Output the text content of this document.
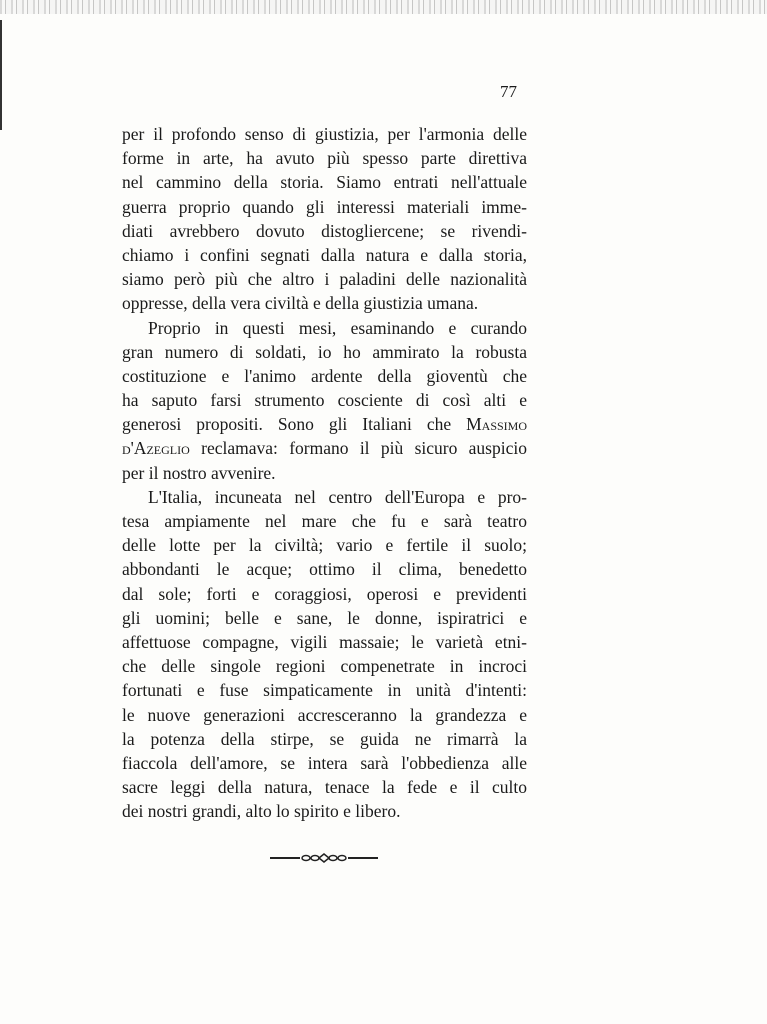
77
per il profondo senso di giustizia, per l'armonia delle
forme in arte, ha avuto più spesso parte direttiva
nel cammino della storia. Siamo entrati nell'attuale
guerra proprio quando gli interessi materiali imme-
diati avrebbero dovuto distogliercene; se rivendi-
chiamo i confini segnati dalla natura e dalla storia,
siamo però più che altro i paladini delle nazionalità
oppresse, della vera civiltà e della giustizia umana.
Proprio in questi mesi, esaminando e curando
gran numero di soldati, io ho ammirato la robusta
costituzione e l'animo ardente della gioventù che
ha saputo farsi strumento cosciente di così alti e
generosi propositi. Sono gli Italiani che Massimo
d'Azeglio reclamava: formano il più sicuro auspicio
per il nostro avvenire.
L'Italia, incuneata nel centro dell'Europa e pro-
tesa ampiamente nel mare che fu e sarà teatro
delle lotte per la civiltà; vario e fertile il suolo;
abbondanti le acque; ottimo il clima, benedetto
dal sole; forti e coraggiosi, operosi e previdenti
gli uomini; belle e sane, le donne, ispiratrici e
affettuose compagne, vigili massaie; le varietà etni-
che delle singole regioni compenetrate in incroci
fortunati e fuse simpaticamente in unità d'intenti:
le nuove generazioni accresceranno la grandezza e
la potenza della stirpe, se guida ne rimarrà la
fiaccola dell'amore, se intera sarà l'obbedienza alle
sacre leggi della natura, tenace la fede e il culto
dei nostri grandi, alto lo spirito e libero.
